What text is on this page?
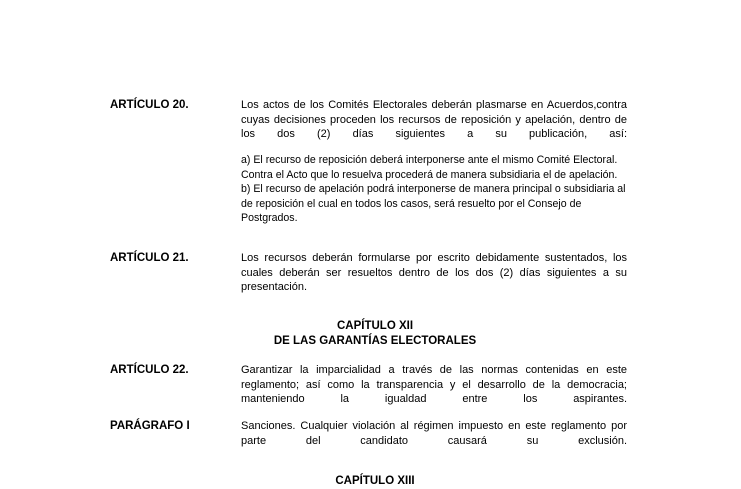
ARTÍCULO 20.	Los actos de los Comités Electorales deberán plasmarse en Acuerdos,contra cuyas decisiones proceden los recursos de reposición y apelación, dentro de los dos (2) días siguientes a su publicación, así:

a) El recurso de reposición deberá interponerse ante el mismo Comité Electoral. Contra el Acto que lo resuelva procederá de manera subsidiaria el de apelación.

b) El recurso de apelación podrá interponerse de manera principal o subsidiaria al de reposición el cual en todos los casos, será resuelto por el Consejo de Postgrados.

ARTÍCULO 21.	Los recursos deberán formularse por escrito debidamente sustentados, los cuales deberán ser resueltos dentro de los dos (2) días siguientes a su presentación.

CAPÍTULO XII
DE LAS GARANTÍAS ELECTORALES
ARTÍCULO 22.	Garantizar la imparcialidad a través de las normas contenidas en este reglamento; así como la transparencia y el desarrollo de la democracia; manteniendo la igualdad entre los aspirantes.

PARÁGRAFO I	Sanciones. Cualquier violación al régimen impuesto en este reglamento por parte del candidato causará su exclusión.

CAPÍTULO XIII
